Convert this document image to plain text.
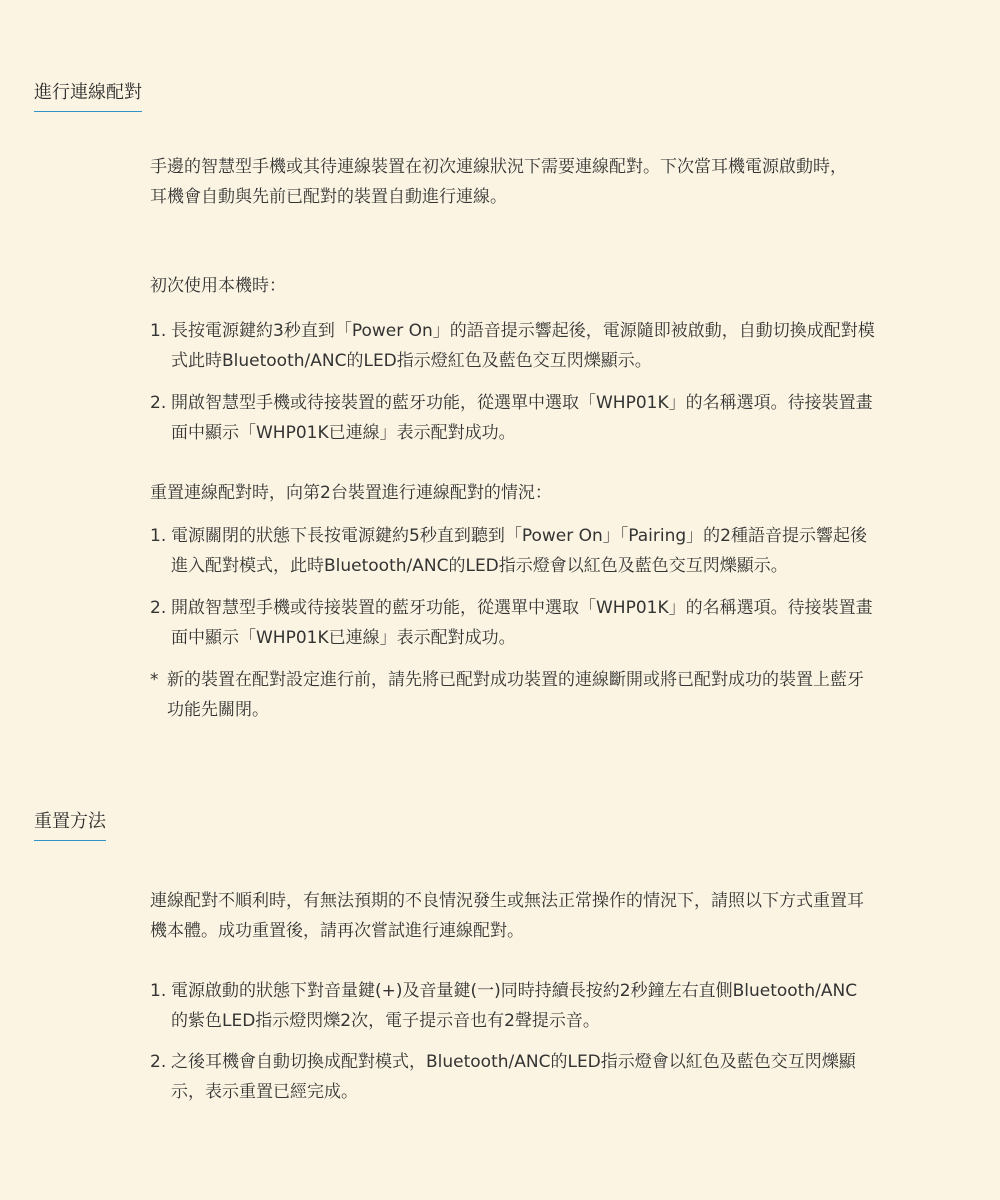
進行連線配對
手邊的智慧型手機或其待連線裝置在初次連線狀況下需要連線配對。下次當耳機電源啟動時，
耳機會自動與先前已配對的裝置自動進行連線。
初次使用本機時：
1. 長按電源鍵約3秒直到「Power On」的語音提示響起後，電源隨即被啟動，自動切換成配對模
式此時Bluetooth/ANC的LED指示燈紅色及藍色交互閃爍顯示。
2. 開啟智慧型手機或待接裝置的藍牙功能，從選單中選取「WHP01K」的名稱選項。待接裝置畫
面中顯示「WHP01K已連線」表示配對成功。
重置連線配對時，向第2台裝置進行連線配對的情況：
1. 電源關閉的狀態下長按電源鍵約5秒直到聽到「Power On」「Pairing」的2種語音提示響起後
進入配對模式，此時Bluetooth/ANC的LED指示燈會以紅色及藍色交互閃爍顯示。
2. 開啟智慧型手機或待接裝置的藍牙功能，從選單中選取「WHP01K」的名稱選項。待接裝置畫
面中顯示「WHP01K已連線」表示配對成功。
* 新的裝置在配對設定進行前，請先將已配對成功裝置的連線斷開或將已配對成功的裝置上藍牙
功能先關閉。
重置方法
連線配對不順利時，有無法預期的不良情況發生或無法正常操作的情況下，請照以下方式重置耳
機本體。成功重置後，請再次嘗試進行連線配對。
1. 電源啟動的狀態下對音量鍵(+)及音量鍵(一)同時持續長按約2秒鐘左右直側Bluetooth/ANC
的紫色LED指示燈閃爍2次，電子提示音也有2聲提示音。
2. 之後耳機會自動切換成配對模式，Bluetooth/ANC的LED指示燈會以紅色及藍色交互閃爍顯
示，表示重置已經完成。
